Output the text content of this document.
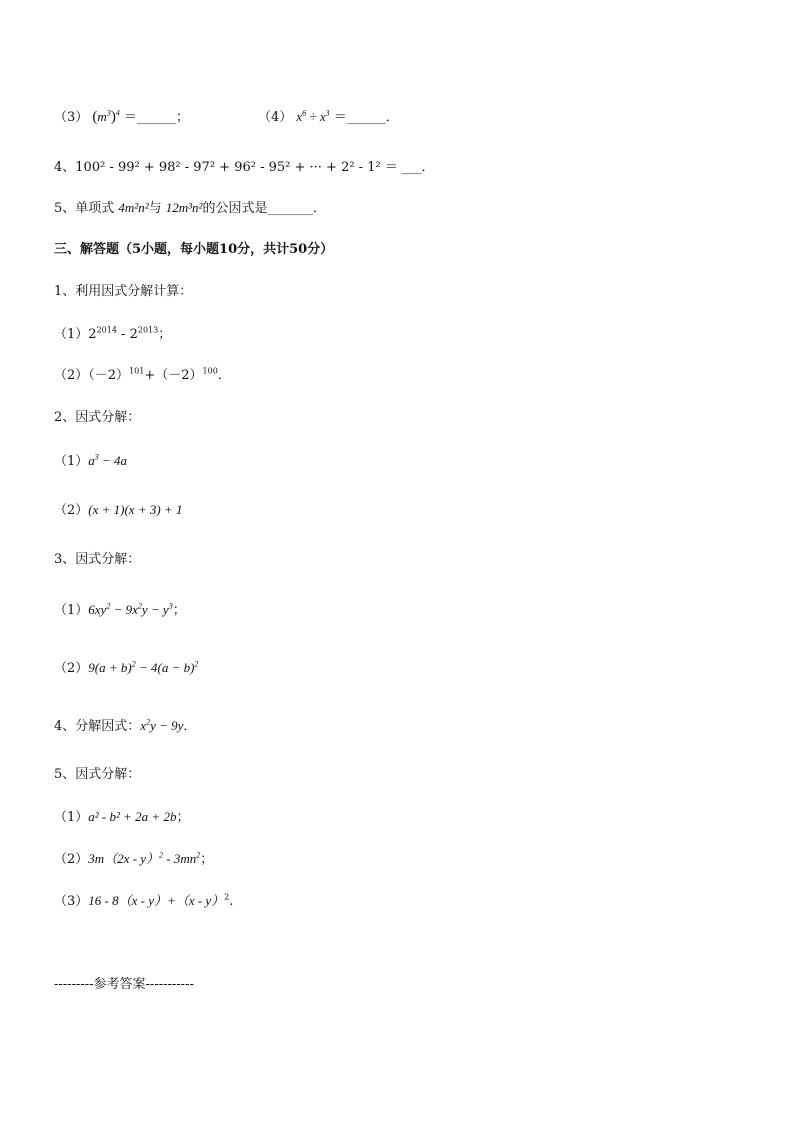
（3） $(m^3)^4$ ＝______；	（4） $x^6 \div x^3$ ＝______．
4、100² - 99² + 98² - 97² + 96² - 95² + ··· + 2² - 1² ＝ ___．
5、单项式 4m²n²与 12m³n²的公因式是_______．
三、解答题（5小题，每小题10分，共计50分）
1、利用因式分解计算：
$(1)2^{2014} - 2^{2013}$；
$(2)(-2)^{101}+(-2)^{100}$．
2、因式分解：
$(1)a^3 - 4a$
（2）(x + 1)(x + 3) + 1
3、因式分解：
$(1)6xy^2 - 9x^2y - y^3$；
$(2)9(a + b)^2 - 4(a - b)^2$
4、分解因式：$x^2y - 9y$．
5、因式分解：
（1）a² - b² + 2a + 2b；
$(2)3m(2x - y)^2 - 3mn^2$；
（3）16 - 8（x - y）+（x - y）$^2$.
---------参考答案-----------
